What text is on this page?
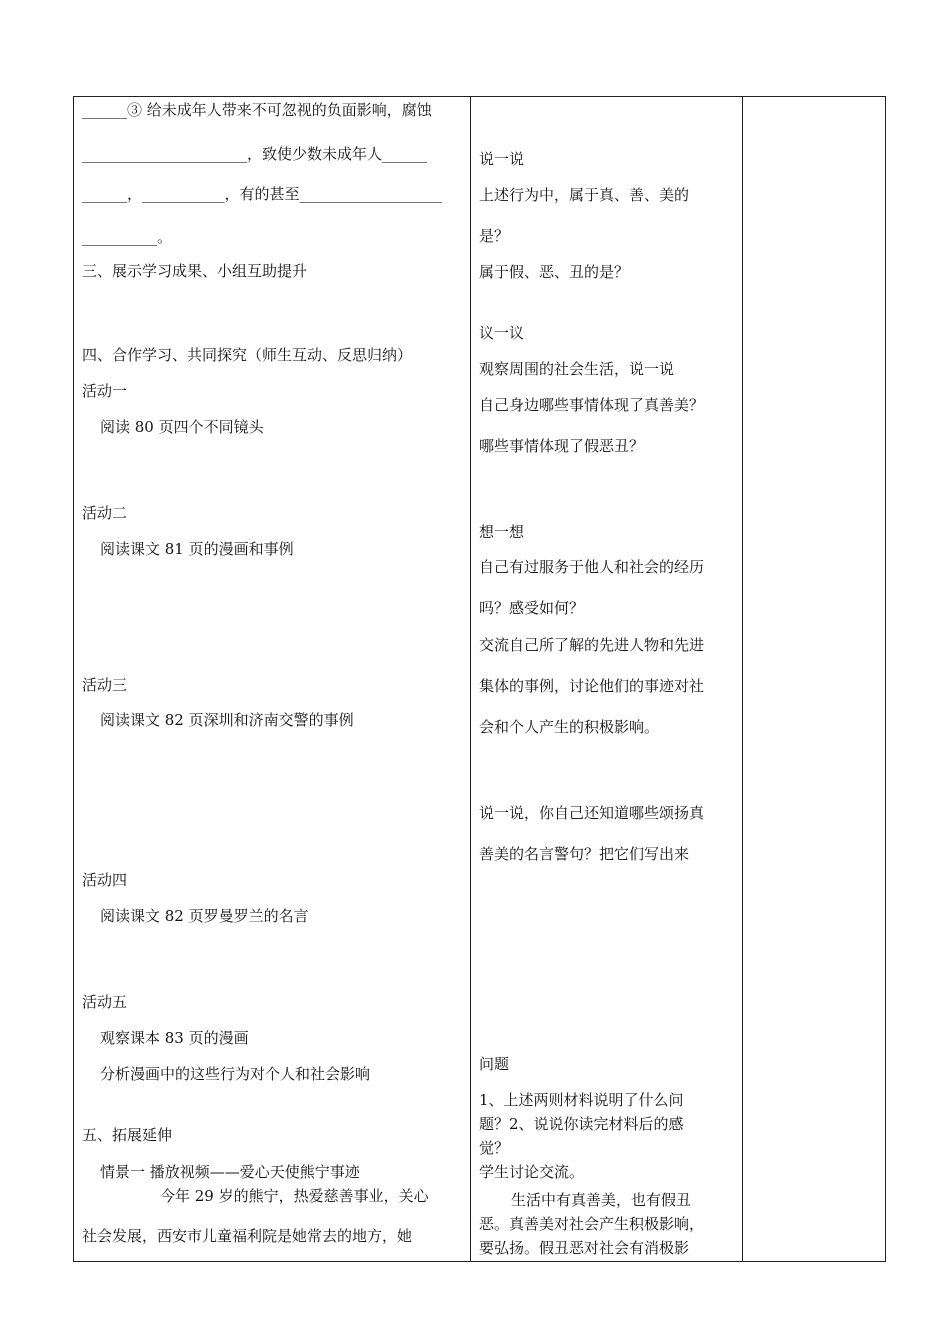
______③ 给未成年人带来不可忽视的负面影响，腐蚀
______________________，致使少数未成年人______
______，___________，有的甚至___________________
__________。
三、展示学习成果、小组互助提升
四、合作学习、共同探究（师生互动、反思归纳）
活动一
阅读 80 页四个不同镜头
活动二
阅读课文 81 页的漫画和事例
活动三
阅读课文 82 页深圳和济南交警的事例
活动四
阅读课文 82 页罗曼罗兰的名言
活动五
观察课本 83 页的漫画
分析漫画中的这些行为对个人和社会影响
五、拓展延伸
情景一 播放视频——爱心天使熊宁事迹
今年 29 岁的熊宁，热爱慈善事业，关心
社会发展，西安市儿童福利院是她常去的地方，她
说一说
上述行为中，属于真、善、美的
是？
属于假、恶、丑的是？
议一议
观察周围的社会生活，说一说
自己身边哪些事情体现了真善美？
哪些事情体现了假恶丑？
想一想
自己有过服务于他人和社会的经历
吗？感受如何？
交流自己所了解的先进人物和先进
集体的事例，讨论他们的事迹对社
会和个人产生的积极影响。
说一说，你自己还知道哪些颂扬真
善美的名言警句？把它们写出来
问题
1、上述两则材料说明了什么问
题？2、说说你读完材料后的感
觉？
学生讨论交流。
生活中有真善美，也有假丑
恶。真善美对社会产生积极影响，
要弘扬。假丑恶对社会有消极影
